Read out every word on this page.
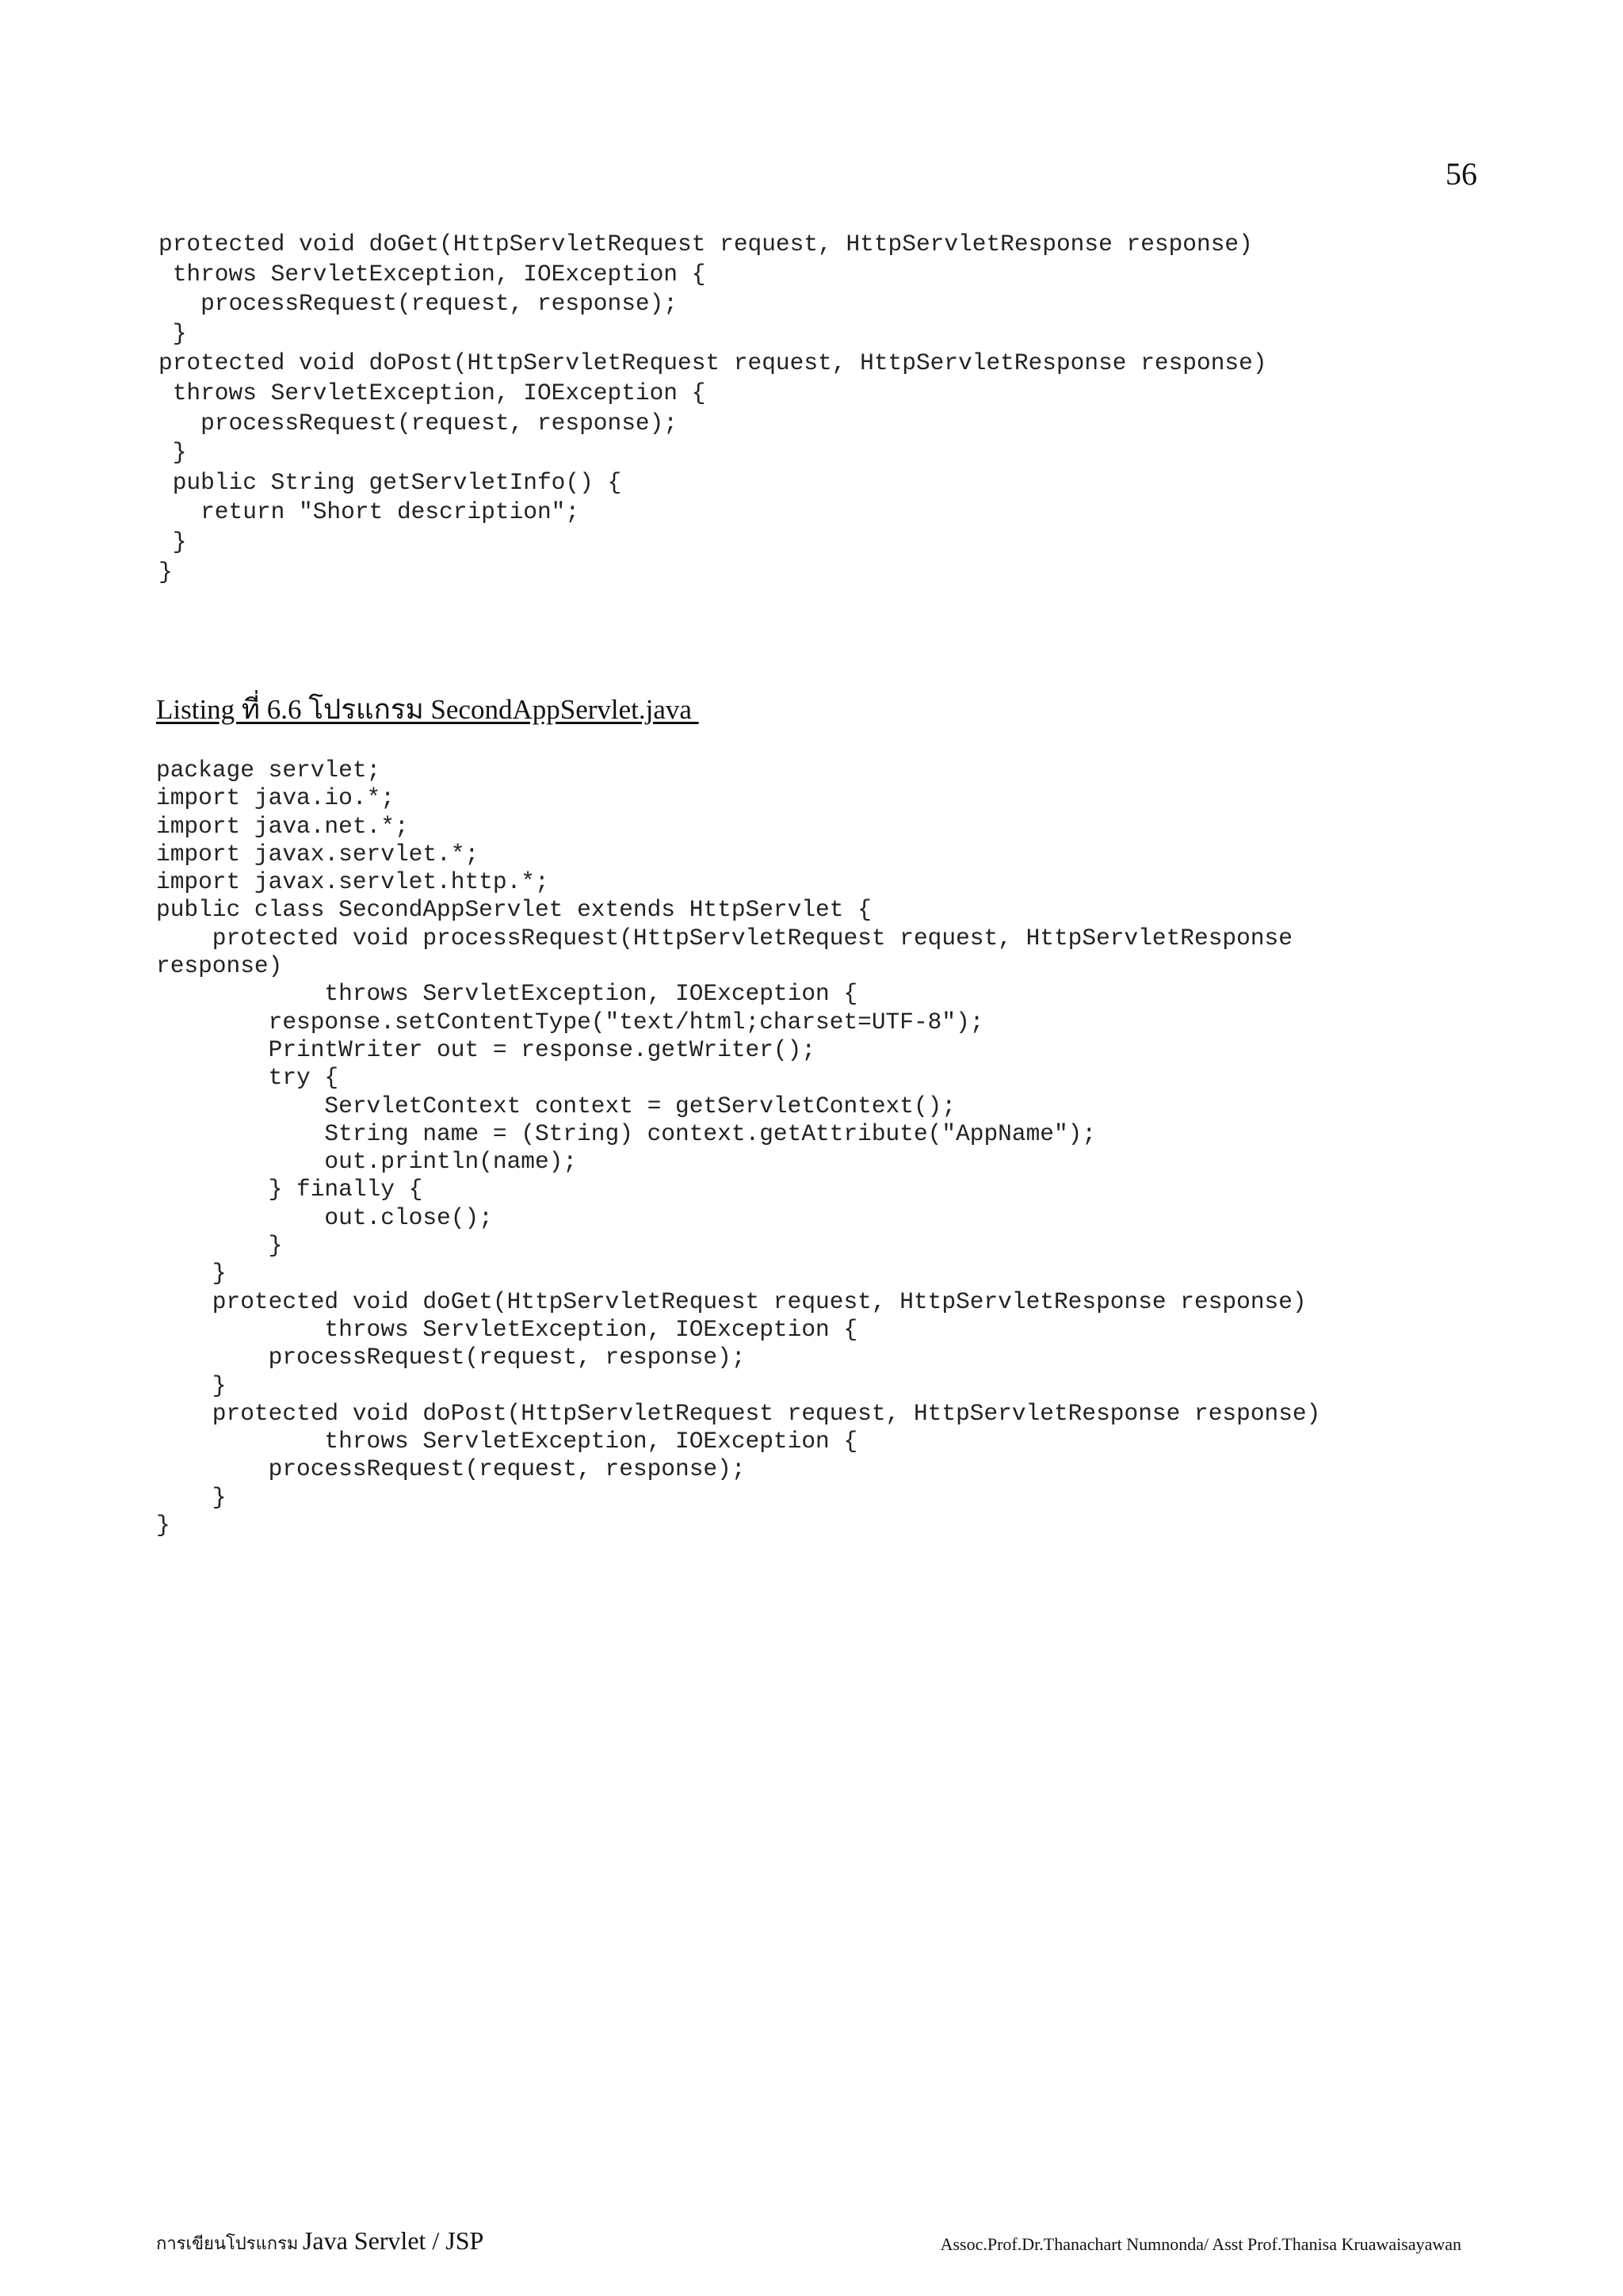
56
protected void doGet(HttpServletRequest request, HttpServletResponse response)
throws ServletException, IOException {
processRequest(request, response);
}
protected void doPost(HttpServletRequest request, HttpServletResponse response)
throws ServletException, IOException {
processRequest(request, response);
}
public String getServletInfo() {
return "Short description";
}
}
Listing ที่ 6.6 โปรแกรม SecondAppServlet.java
package servlet;
import java.io.*;
import java.net.*;
import javax.servlet.*;
import javax.servlet.http.*;
public class SecondAppServlet extends HttpServlet {
protected void processRequest(HttpServletRequest request, HttpServletResponse
response)
throws ServletException, IOException {
response.setContentType("text/html;charset=UTF-8");
PrintWriter out = response.getWriter();
try {
ServletContext context = getServletContext();
String name = (String) context.getAttribute("AppName");
out.println(name);
} finally {
out.close();
}
}
protected void doGet(HttpServletRequest request, HttpServletResponse response)
throws ServletException, IOException {
processRequest(request, response);
}
protected void doPost(HttpServletRequest request, HttpServletResponse response)
throws ServletException, IOException {
processRequest(request, response);
}
}
การเขียนโปรแกรม Java Servlet / JSP	Assoc.Prof.Dr.Thanachart Numnonda/ Asst Prof.Thanisa Kruawaisayawan
